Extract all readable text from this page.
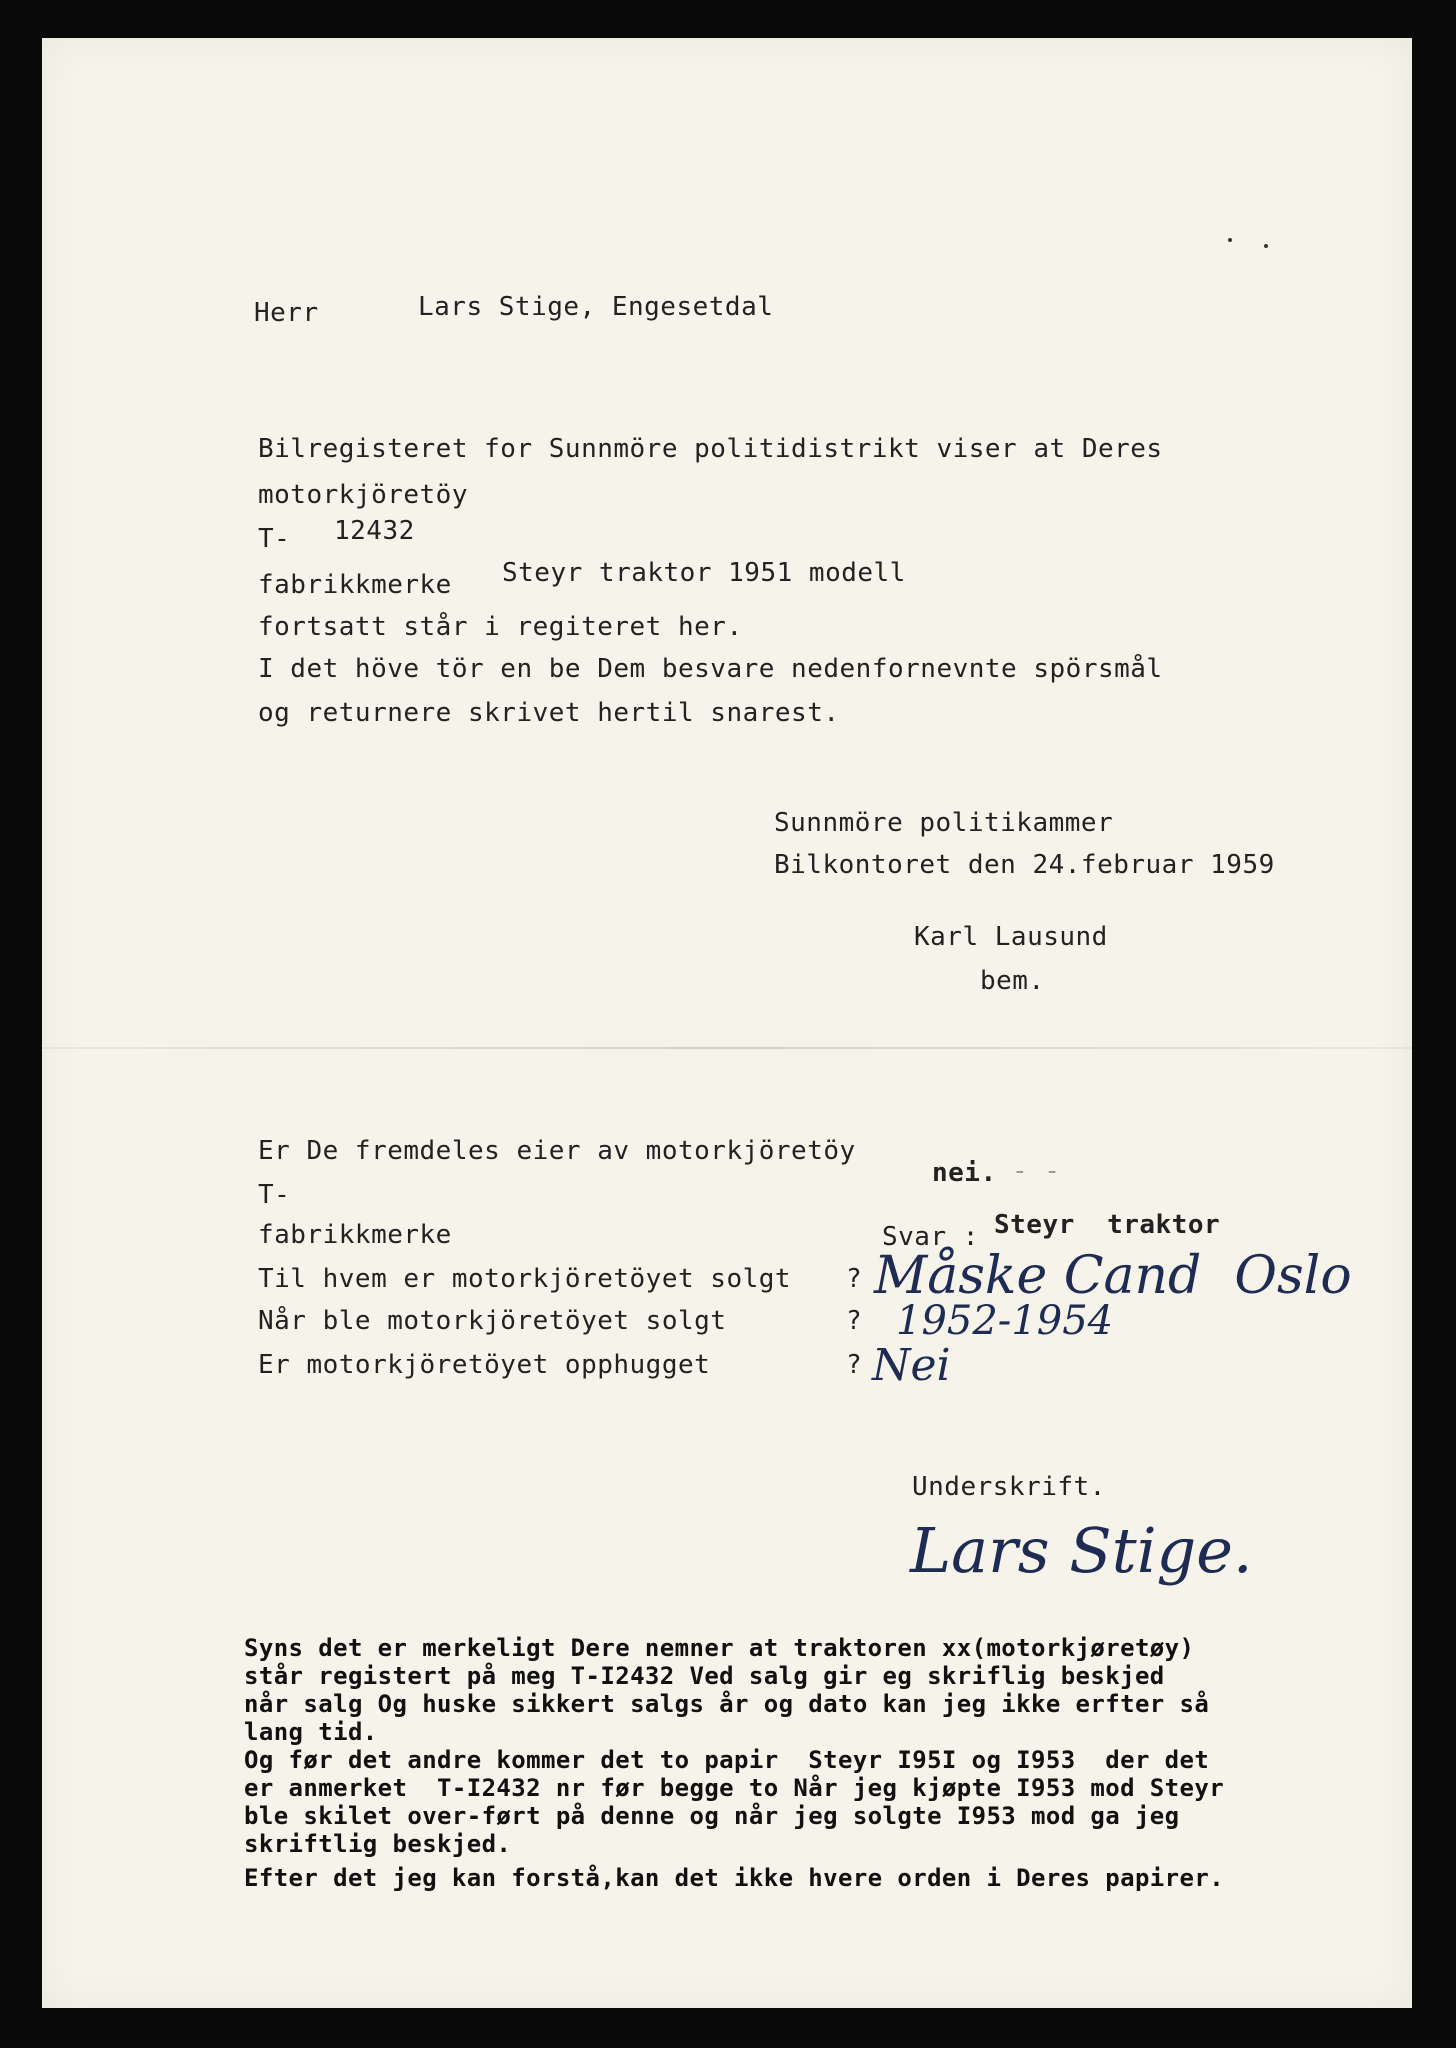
Herr	Lars Stige, Engesetdal
Bilregisteret for Sunnmöre politidistrikt viser at Deres
motorkjöretöy
T- 12432
fabrikkmerke Steyr traktor 1951 modell
fortsatt står i regiteret her.
I det höve tör en be Dem besvare nedenfornevnte spörsmål
og returnere skrivet hertil snarest.
Sunnmöre politikammer
Bilkontoret den 24.februar 1959
Karl Lausund
bem.
Er De fremdeles eier av motorkjöretöy
nei. - -
T-
fabrikkmerke	Svar : Steyr  traktor
Til hvem er motorkjöretöyet solgt ? Måske Cand  Oslo
Når ble motorkjöretöyet solgt	? 1952-1954
Er motorkjöretöyet opphugget	? Nei
Underskrift.
Lars Stige.
Syns det er merkeligt Dere nemner at traktoren xx(motorkjøretøy)
står registert på meg T-I2432 Ved salg gir eg skriflig beskjed
når salg Og huske sikkert salgs år og dato kan jeg ikke erfter så
lang tid.
Og før det andre kommer det to papir  Steyr I95I og I953  der det
er anmerket  T-I2432 nr før begge to Når jeg kjøpte I953 mod Steyr
ble skilet over-ført på denne og når jeg solgte I953 mod ga jeg
skriftlig beskjed.
Efter det jeg kan forstå,kan det ikke hvere orden i Deres papirer.
